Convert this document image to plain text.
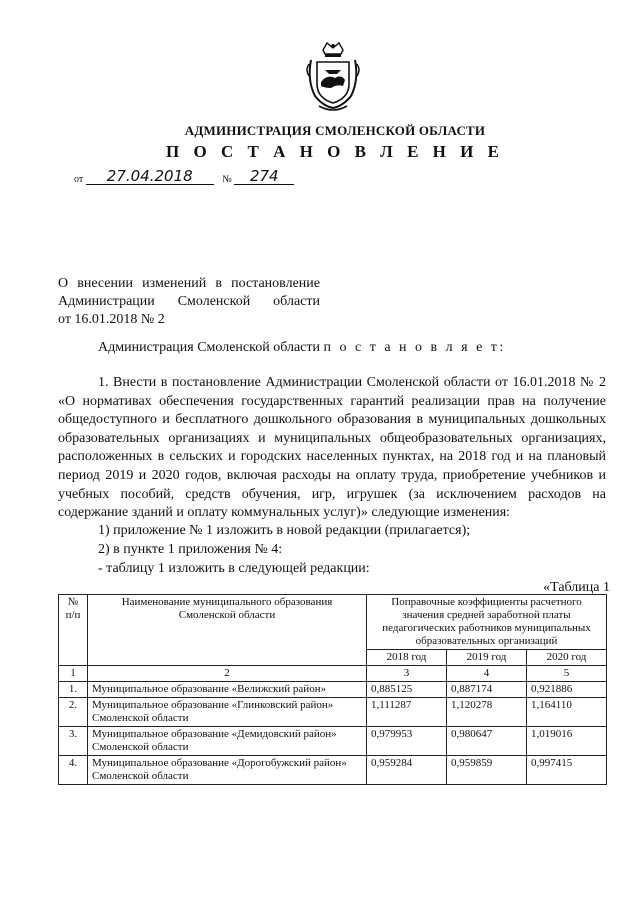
АДМИНИСТРАЦИЯ СМОЛЕНСКОЙ ОБЛАСТИ
П О С Т А Н О В Л Е Н И Е
от 27.04.2018	№ 274
О внесении изменений в постановление
Администрации Смоленской области
от 16.01.2018 № 2
Администрация Смоленской области п о с т а н о в л я е т:
1. Внести в постановление Администрации Смоленской области от 16.01.2018 № 2 «О нормативах обеспечения государственных гарантий реализации прав на получение общедоступного и бесплатного дошкольного образования в муниципальных дошкольных образовательных организациях и муниципальных общеобразовательных организациях, расположенных в сельских и городских населенных пунктах, на 2018 год и на плановый период 2019 и 2020 годов, включая расходы на оплату труда, приобретение учебников и учебных пособий, средств обучения, игр, игрушек (за исключением расходов на содержание зданий и оплату коммунальных услуг)» следующие изменения:
1) приложение № 1 изложить в новой редакции (прилагается);
2) в пункте 1 приложения № 4:
- таблицу 1 изложить в следующей редакции:
«Таблица 1
№ п/п	Наименование муниципального образования Смоленской области	Поправочные коэффициенты расчетного значения средней заработной платы педагогических работников муниципальных образовательных организаций		
		2018 год	2019 год	2020 год
1	2	3	4	5
1.	Муниципальное образование «Велижский район»	0,885125	0,887174	0,921886
2.	Муниципальное образование «Глинковский район» Смоленской области	1,111287	1,120278	1,164110
3.	Муниципальное образование «Демидовский район» Смоленской области	0,979953	0,980647	1,019016
4.	Муниципальное образование «Дорогобужский район» Смоленской области	0,959284	0,959859	0,997415
